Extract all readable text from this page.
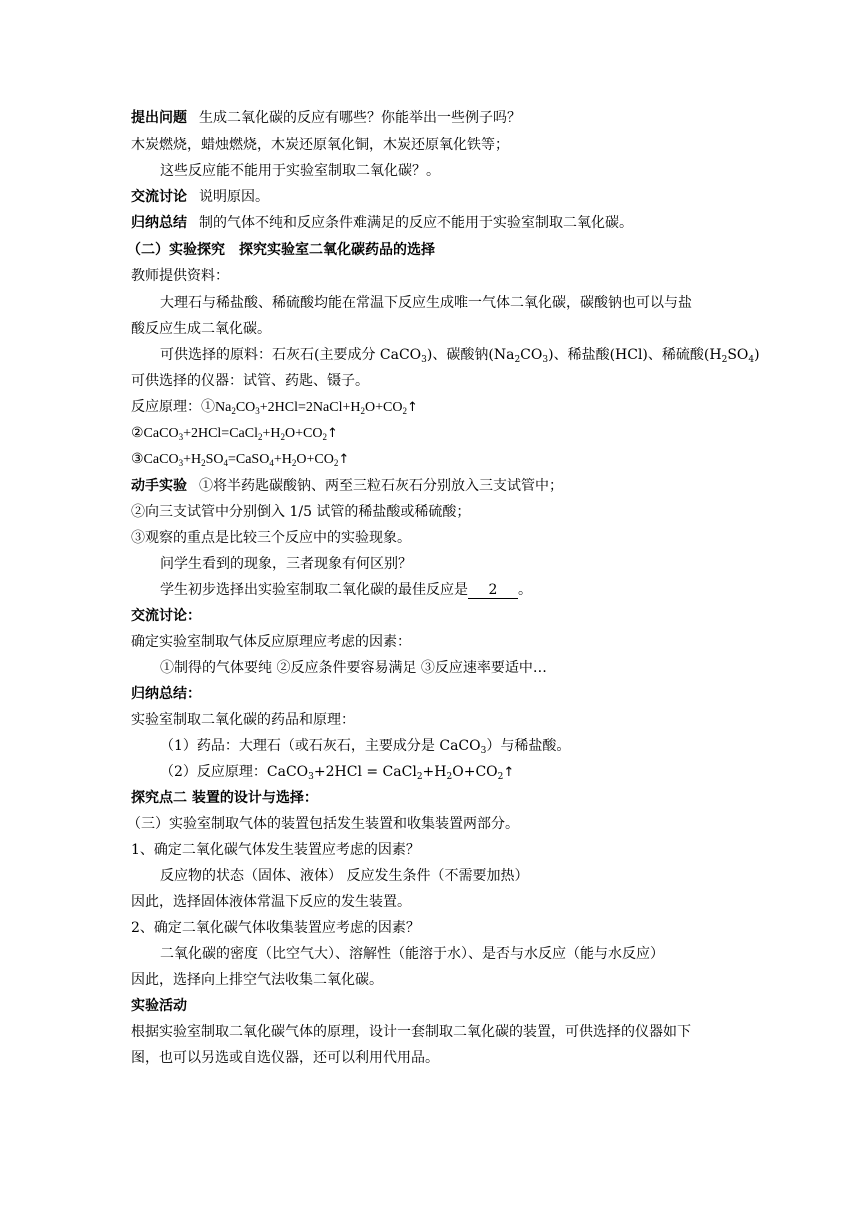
提出问题 生成二氧化碳的反应有哪些？你能举出一些例子吗？
木炭燃烧，蜡烛燃烧，木炭还原氧化铜，木炭还原氧化铁等；
这些反应能不能用于实验室制取二氧化碳？。
交流讨论 说明原因。
归纳总结 制的气体不纯和反应条件难满足的反应不能用于实验室制取二氧化碳。
（二）实验探究　探究实验室二氧化碳药品的选择
教师提供资料：
大理石与稀盐酸、稀硫酸均能在常温下反应生成唯一气体二氧化碳，碳酸钠也可以与盐
酸反应生成二氧化碳。
可供选择的原料：石灰石(主要成分 CaCO$_3$)、碳酸钠$(Na_2CO_3)$、稀盐酸(HCl)、稀硫酸$(H_2SO_4)$
可供选择的仪器：试管、药匙、镊子。
反应原理：$①Na_2CO_3+2HCl=2NaCl+H_2O+CO_2↑$
$②CaCO_3+2HCl=CaCl_2+H_2O+CO_2↑$
$③CaCO_3+H_2SO_4=CaSO_4+H_2O+CO_2↑$
动手实验 ①将半药匙碳酸钠、两至三粒石灰石分别放入三支试管中；
②向三支试管中分别倒入 1/5 试管的稀盐酸或稀硫酸；
③观察的重点是比较三个反应中的实验现象。
问学生看到的现象，三者现象有何区别？
学生初步选择出实验室制取二氧化碳的最佳反应是 2 。
交流讨论：
确定实验室制取气体反应原理应考虑的因素：
①制得的气体要纯 ②反应条件要容易满足 ③反应速率要适中…
归纳总结：
实验室制取二氧化碳的药品和原理：
（1）药品：大理石（或石灰石，主要成分是 CaCO$_3$）与稀盐酸。
（2）反应原理：CaCO$_3$+2HCl = $CaCl_2+H_2O+CO_2↑$
探究点二 装置的设计与选择：
（三）实验室制取气体的装置包括发生装置和收集装置两部分。
1、确定二氧化碳气体发生装置应考虑的因素？
反应物的状态（固体、液体） 反应发生条件（不需要加热）
因此，选择固体液体常温下反应的发生装置。
2、确定二氧化碳气体收集装置应考虑的因素？
二氧化碳的密度（比空气大）、溶解性（能溶于水）、是否与水反应（能与水反应）
因此，选择向上排空气法收集二氧化碳。
实验活动
根据实验室制取二氧化碳气体的原理，设计一套制取二氧化碳的装置，可供选择的仪器如下
图，也可以另选或自选仪器，还可以利用代用品。
